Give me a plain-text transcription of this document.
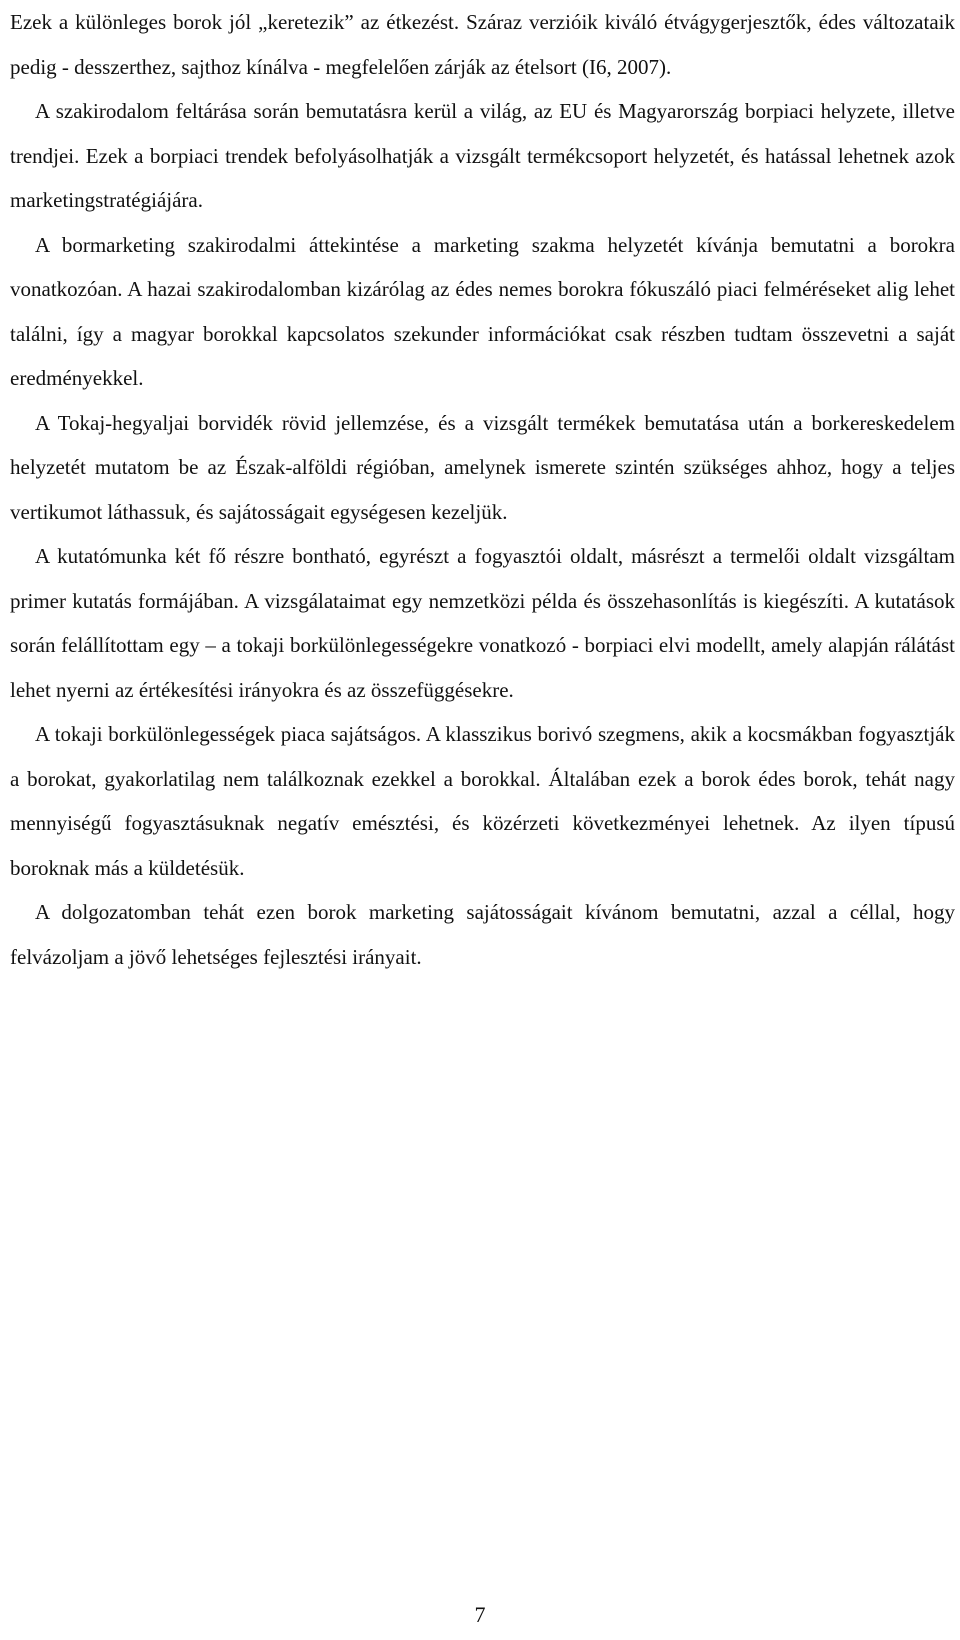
Ezek a különleges borok jól „keretezik” az étkezést. Száraz verzióik kiváló étvágygerjesztők, édes változataik pedig - desszerthez, sajthoz kínálva - megfelelően zárják az ételsort (I6, 2007).

A szakirodalom feltárása során bemutatásra kerül a világ, az EU és Magyarország borpiaci helyzete, illetve trendjei. Ezek a borpiaci trendek befolyásolhatják a vizsgált termékcsoport helyzetét, és hatással lehetnek azok marketingstratégiájára.

A bormarketing szakirodalmi áttekintése a marketing szakma helyzetét kívánja bemutatni a borokra vonatkozóan. A hazai szakirodalomban kizárólag az édes nemes borokra fókuszáló piaci felméréseket alig lehet találni, így a magyar borokkal kapcsolatos szekunder információkat csak részben tudtam összevetni a saját eredményekkel.

A Tokaj-hegyaljai borvidék rövid jellemzése, és a vizsgált termékek bemutatása után a borkereskedelem helyzetét mutatom be az Észak-alföldi régióban, amelynek ismerete szintén szükséges ahhoz, hogy a teljes vertikumot láthassuk, és sajátosságait egységesen kezeljük.

A kutatómunka két fő részre bontható, egyrészt a fogyasztói oldalt, másrészt a termelői oldalt vizsgáltam primer kutatás formájában. A vizsgálataimat egy nemzetközi példa és összehasonlítás is kiegészíti. A kutatások során felállítottam egy – a tokaji borkülönlegességekre vonatkozó - borpiaci elvi modellt, amely alapján rálátást lehet nyerni az értékesítési irányokra és az összefüggésekre.

A tokaji borkülönlegességek piaca sajátságos. A klasszikus borivó szegmens, akik a kocsmákban fogyasztják a borokat, gyakorlatilag nem találkoznak ezekkel a borokkal. Általában ezek a borok édes borok, tehát nagy mennyiségű fogyasztásuknak negatív emésztési, és közérzeti következményei lehetnek. Az ilyen típusú boroknak más a küldetésük.

A dolgozatomban tehát ezen borok marketing sajátosságait kívánom bemutatni, azzal a céllal, hogy felvázoljam a jövő lehetséges fejlesztési irányait.

7
